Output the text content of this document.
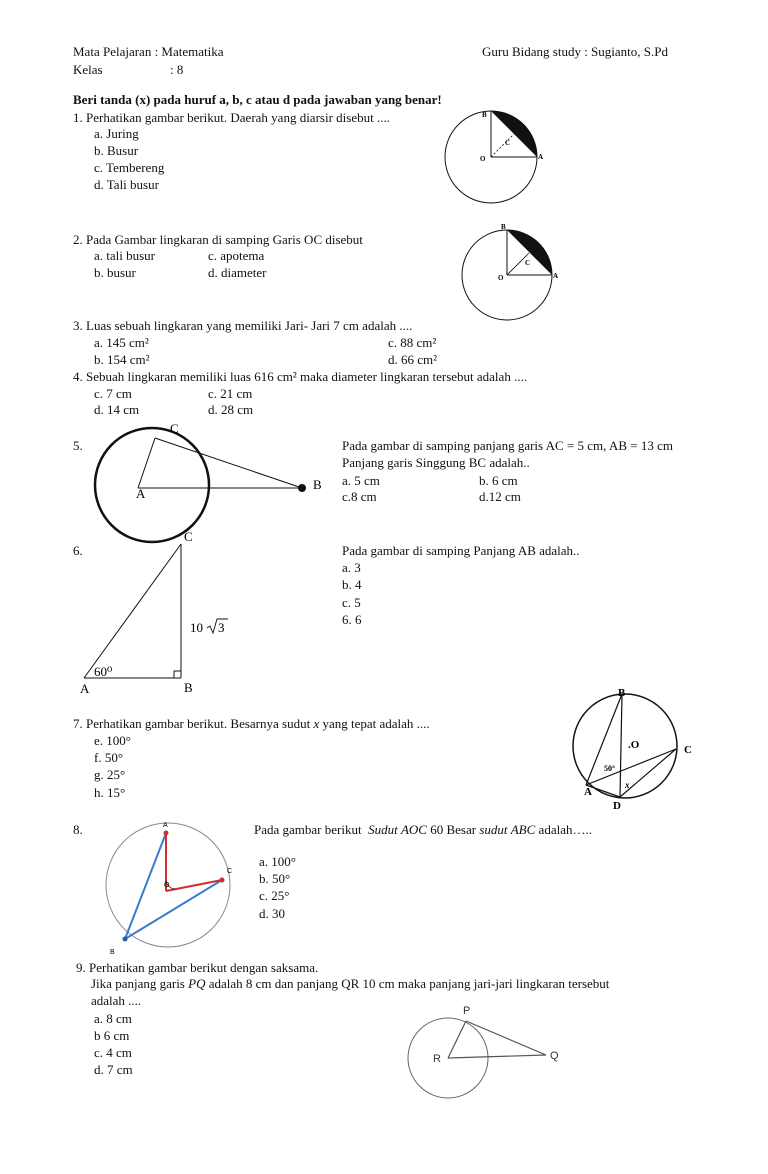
Mata Pelajaran : Matematika	Guru Bidang study : Sugianto, S.Pd
Kelas	: 8
Beri tanda (x) pada huruf a, b, c atau d pada jawaban yang benar!
1. Perhatikan gambar berikut. Daerah yang diarsir disebut ....
a. Juring
b. Busur
c. Tembereng
d. Tali busur
B
C
O	A
2. Pada Gambar lingkaran di samping Garis OC disebut
a. tali busur	c. apotema
b. busur	d. diameter
B
C
O	A
3. Luas sebuah lingkaran yang memiliki Jari- Jari 7 cm adalah ....
a. 145 cm²	c. 88 cm²
b. 154 cm²	d. 66 cm²
4. Sebuah lingkaran memiliki luas 616 cm² maka diameter lingkaran tersebut adalah ....
c. 7 cm	c. 21 cm
d. 14 cm	d. 28 cm
5.	Pada gambar di samping panjang garis AC = 5 cm, AB = 13 cm
Panjang garis Singgung BC adalah..
a. 5 cm	b. 6 cm
c.8 cm	d.12 cm
C
A
B
6.	Pada gambar di samping Panjang AB adalah..
a. 3
b. 4
c. 5
6. 6
C
A	B
60⁰
10 3
7. Perhatikan gambar berikut. Besarnya sudut x yang tepat adalah ....
e. 100°
f. 50°
g. 25°
h. 15°
B
.O	C
A
D
50°
x
8.	Pada gambar berikut Sudut AOC 60 Besar sudut ABC adalah…..
a. 100°
b. 50°
c. 25°
d. 30
A
C
O
B
9. Perhatikan gambar berikut dengan saksama.
Jika panjang garis PQ adalah 8 cm dan panjang QR 10 cm maka panjang jari-jari lingkaran tersebut
adalah ....
a. 8 cm
b 6 cm
c. 4 cm
d. 7 cm
P
R	Q
